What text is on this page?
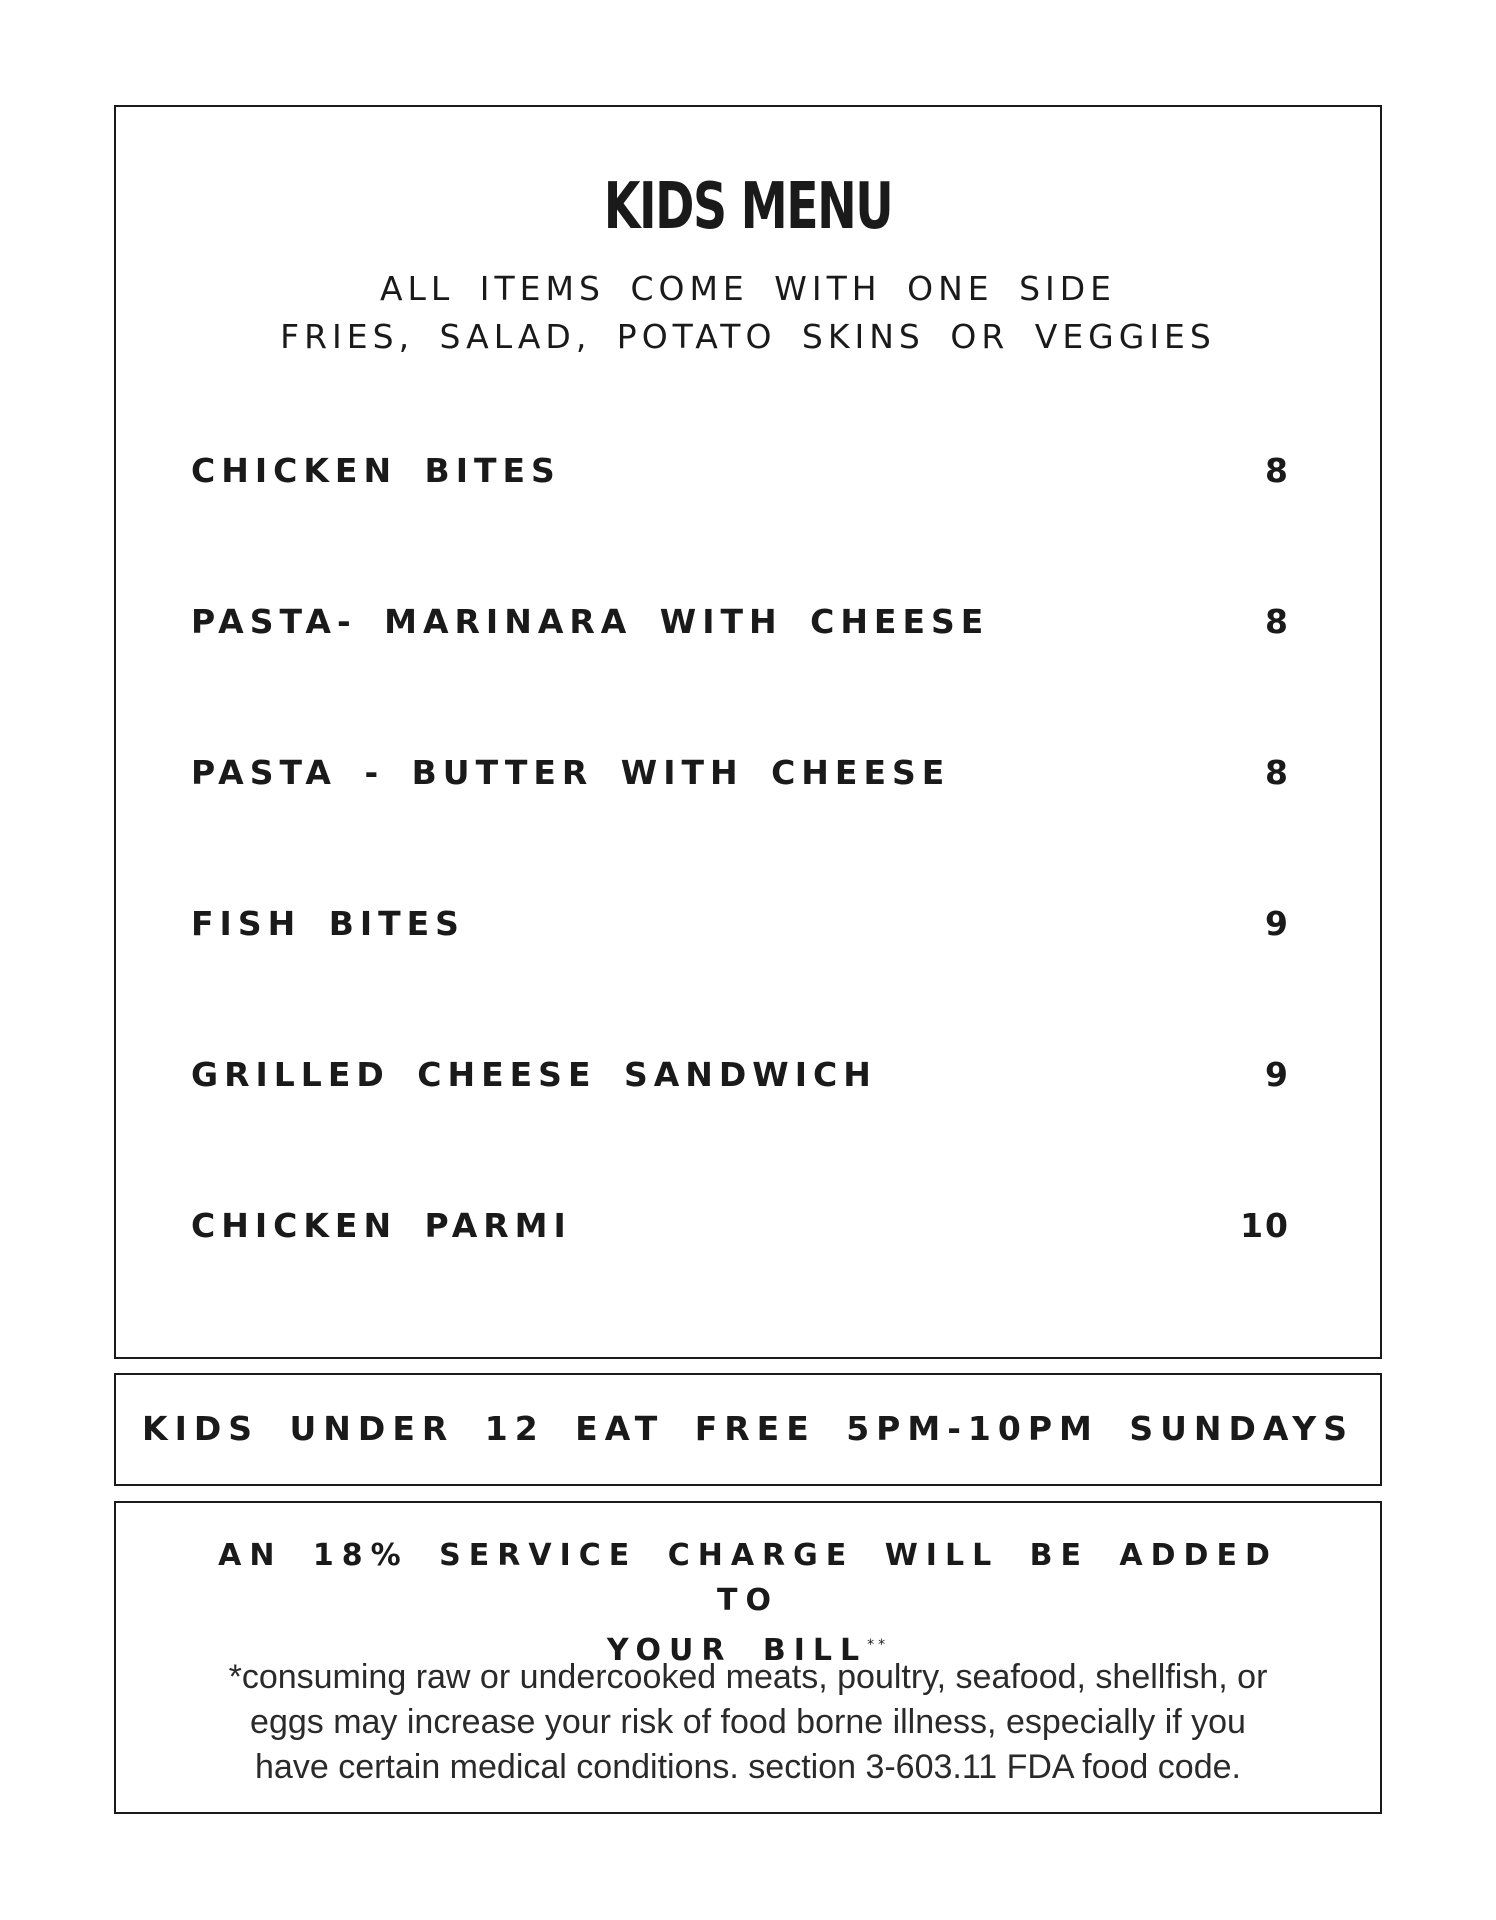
KIDS MENU
ALL ITEMS COME WITH ONE SIDE
FRIES, SALAD, POTATO SKINS OR VEGGIES
CHICKEN BITES	8
PASTA- MARINARA WITH CHEESE	8
PASTA - BUTTER WITH CHEESE	8
FISH BITES	9
GRILLED CHEESE SANDWICH	9
CHICKEN PARMI	10
KIDS UNDER 12 EAT FREE 5PM-10PM SUNDAYS
AN 18% SERVICE CHARGE WILL BE ADDED TO
YOUR BILL**
*consuming raw or undercooked meats, poultry, seafood, shellfish, or
eggs may increase your risk of food borne illness, especially if you
have certain medical conditions. section 3-603.11 FDA food code.
